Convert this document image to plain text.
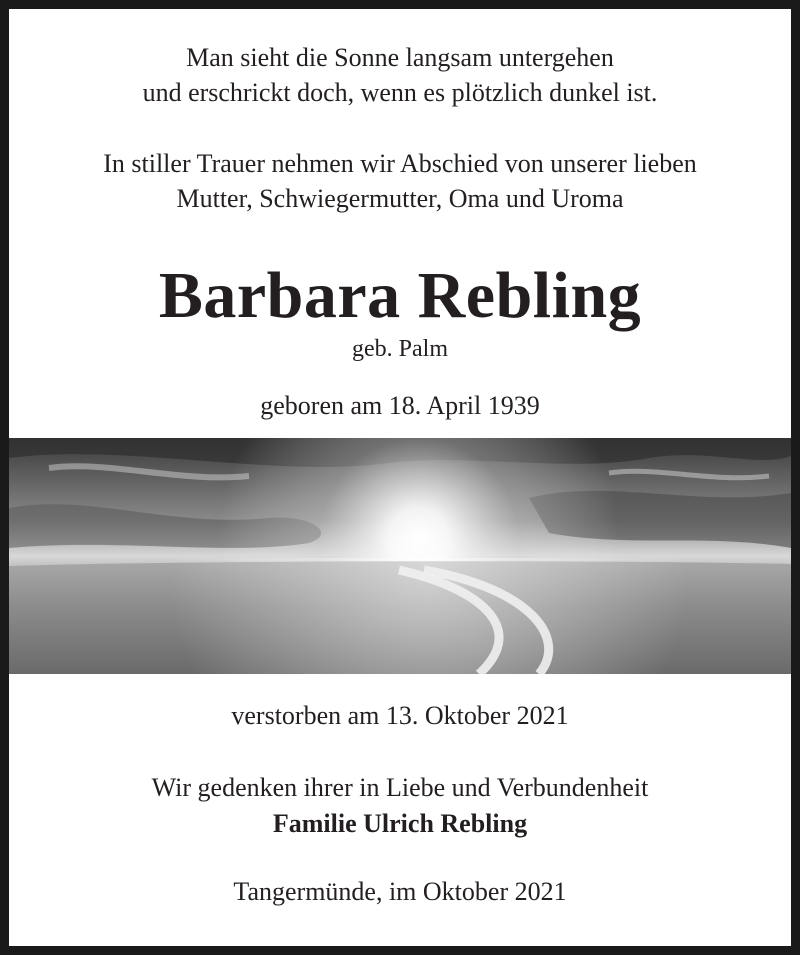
Man sieht die Sonne langsam untergehen
und erschrickt doch, wenn es plötzlich dunkel ist.
In stiller Trauer nehmen wir Abschied von unserer lieben
Mutter, Schwiegermutter, Oma und Uroma
Barbara Rebling
geb. Palm
geboren am 18. April 1939
verstorben am 13. Oktober 2021
Wir gedenken ihrer in Liebe und Verbundenheit
Familie Ulrich Rebling
Tangermünde, im Oktober 2021
